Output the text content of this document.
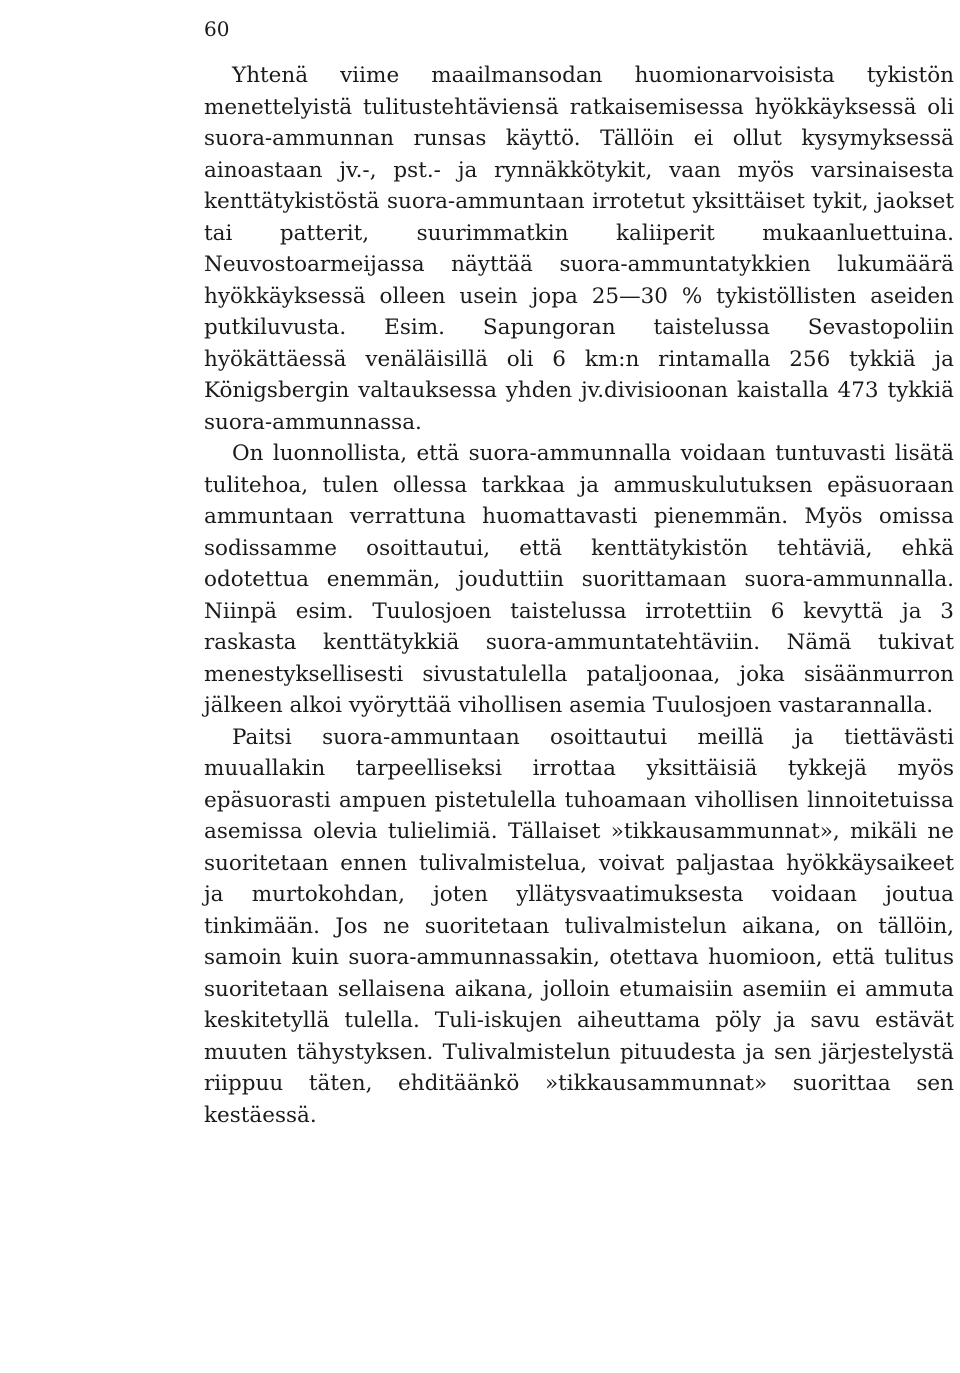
60

Yhtenä viime maailmansodan huomionarvoisista tykistön menettelyistä tulitustehtäviensä ratkaisemisessa hyökkäyksessä oli suora-ammunnan runsas käyttö. Tällöin ei ollut kysymyksessä ainoastaan jv.-, pst.- ja rynnäkkötykit, vaan myös varsinaisesta kenttätykistöstä suora-ammuntaan irrotetut yksittäiset tykit, jaokset tai patterit, suurimmatkin kaliiperit mukaanluettuina. Neuvostoarmeijassa näyttää suora-ammuntatykkien lukumäärä hyökkäyksessä olleen usein jopa 25—30 % tykistöllisten aseiden putkiluvusta. Esim. Sapungoran taistelussa Sevastopoliin hyökättäessä venäläisillä oli 6 km:n rintamalla 256 tykkiä ja Königsbergin valtauksessa yhden jv.divisioonan kaistalla 473 tykkiä suora-ammunnassa.

On luonnollista, että suora-ammunnalla voidaan tuntuvasti lisätä tulitehoa, tulen ollessa tarkkaa ja ammuskulutuksen epäsuoraan ammuntaan verrattuna huomattavasti pienemmän. Myös omissa sodissamme osoittautui, että kenttätykistön tehtäviä, ehkä odotettua enemmän, jouduttiin suorittamaan suora-ammunnalla. Niinpä esim. Tuulosjoen taistelussa irrotettiin 6 kevyttä ja 3 raskasta kenttätykkiä suora-ammuntatehtäviin. Nämä tukivat menestyksellisesti sivustatulella pataljoonaa, joka sisäänmurron jälkeen alkoi vyöryttää vihollisen asemia Tuulosjoen vastarannalla.

Paitsi suora-ammuntaan osoittautui meillä ja tiettävästi muuallakin tarpeelliseksi irrottaa yksittäisiä tykkejä myös epäsuorasti ampuen pistetulella tuhoamaan vihollisen linnoitetuissa asemissa olevia tulielimiä. Tällaiset »tikkausammunnat», mikäli ne suoritetaan ennen tulivalmistelua, voivat paljastaa hyökkäysaikeet ja murtokohdan, joten yllätysvaatimuksesta voidaan joutua tinkimään. Jos ne suoritetaan tulivalmistelun aikana, on tällöin, samoin kuin suora-ammunnassakin, otettava huomioon, että tulitus suoritetaan sellaisena aikana, jolloin etumaisiin asemiin ei ammuta keskitetyllä tulella. Tuli-iskujen aiheuttama pöly ja savu estävät muuten tähystyksen. Tulivalmistelun pituudesta ja sen järjestelystä riippuu täten, ehditäänkö »tikkausammunnat» suorittaa sen kestäessä.
